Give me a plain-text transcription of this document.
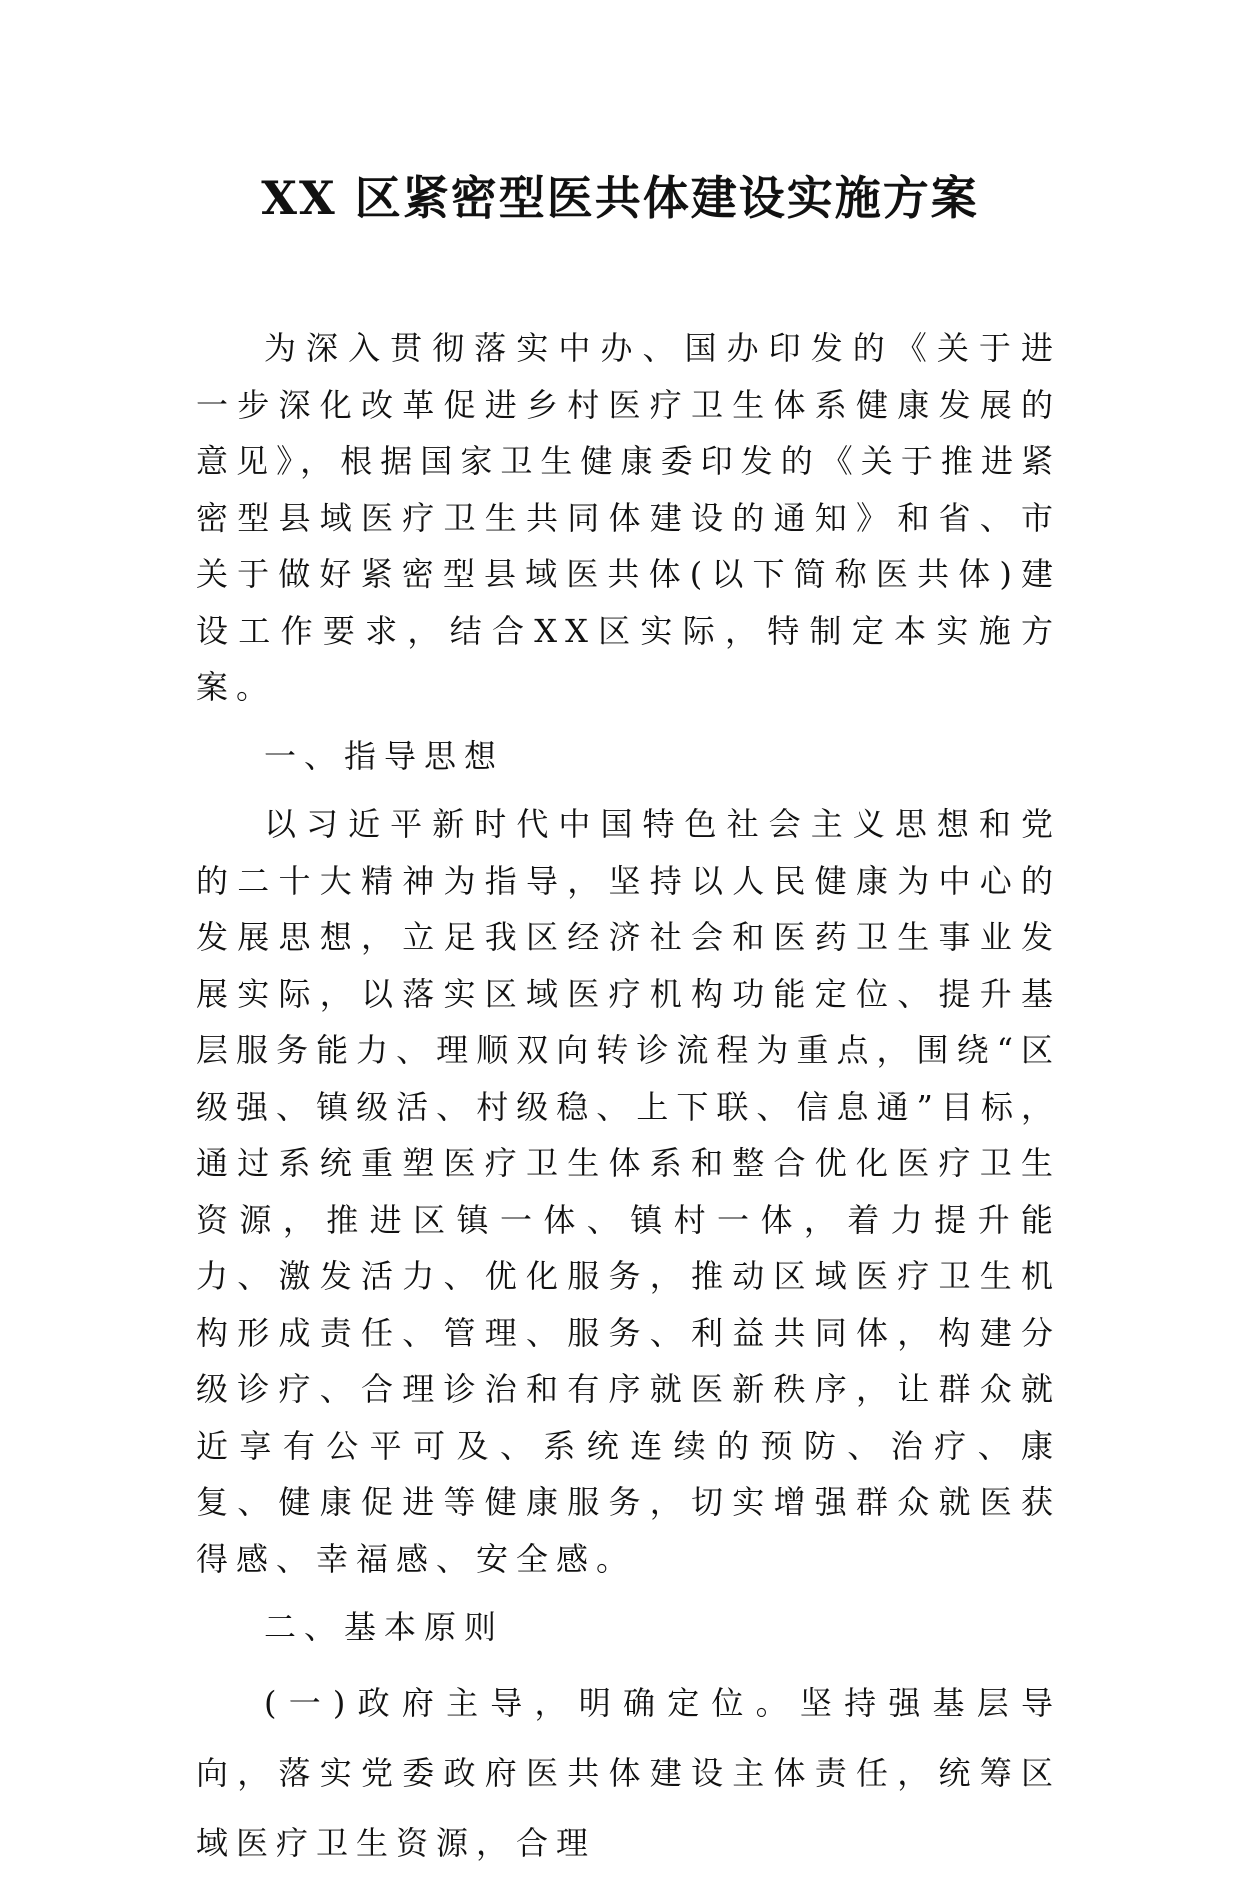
XX 区紧密型医共体建设实施方案

为深入贯彻落实中办、国办印发的《关于进一步深化改革促进乡村医疗卫生体系健康发展的意见》，根据国家卫生健康委印发的《关于推进紧密型县域医疗卫生共同体建设的通知》和省、市关于做好紧密型县域医共体(以下简称医共体)建设工作要求，结合XX区实际，特制定本实施方案。

一、指导思想

以习近平新时代中国特色社会主义思想和党的二十大精神为指导，坚持以人民健康为中心的发展思想，立足我区经济社会和医药卫生事业发展实际，以落实区域医疗机构功能定位、提升基层服务能力、理顺双向转诊流程为重点，围绕“区级强、镇级活、村级稳、上下联、信息通”目标，通过系统重塑医疗卫生体系和整合优化医疗卫生资源，推进区镇一体、镇村一体，着力提升能力、激发活力、优化服务，推动区域医疗卫生机构形成责任、管理、服务、利益共同体，构建分级诊疗、合理诊治和有序就医新秩序，让群众就近享有公平可及、系统连续的预防、治疗、康复、健康促进等健康服务，切实增强群众就医获得感、幸福感、安全感。

二、基本原则

(一)政府主导，明确定位。坚持强基层导向，落实党委政府医共体建设主体责任，统筹区域医疗卫生资源，合理
